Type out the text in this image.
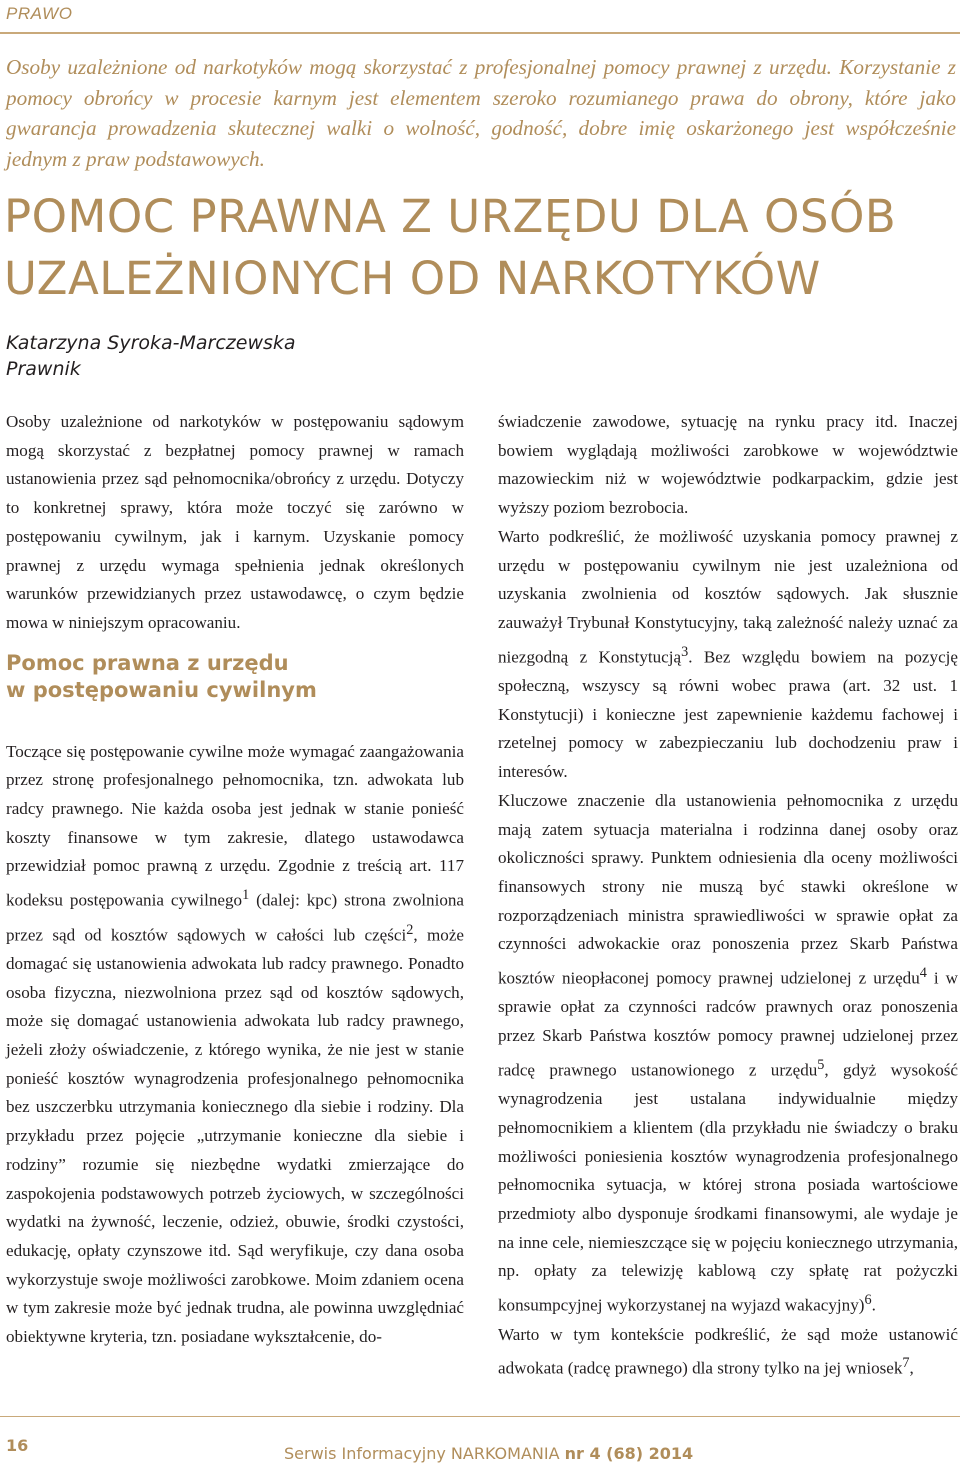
PRAWO

Osoby uzależnione od narkotyków mogą skorzystać z profesjonalnej pomocy prawnej z urzędu. Korzystanie z pomocy obrońcy w procesie karnym jest elementem szeroko rozumianego prawa do obrony, które jako gwarancja prowadzenia skutecznej walki o wolność, godność, dobre imię oskarżonego jest współcześnie jednym z praw podstawowych.

POMOC PRAWNA Z URZĘDU DLA OSÓB
UZALEŻNIONYCH OD NARKOTYKÓW
Katarzyna Syroka-Marczewska
Prawnik

Osoby uzależnione od narkotyków w postępowaniu sądowym mogą skorzystać z bezpłatnej pomocy prawnej w ramach ustanowienia przez sąd pełnomocnika/obrońcy z urzędu. Dotyczy to konkretnej sprawy, która może toczyć się zarówno w postępowaniu cywilnym, jak i karnym. Uzyskanie pomocy prawnej z urzędu wymaga spełnienia jednak określonych warunków przewidzianych przez ustawodawcę, o czym będzie mowa w niniejszym opracowaniu.

Pomoc prawna z urzędu
w postępowaniu cywilnym

Toczące się postępowanie cywilne może wymagać zaangażowania przez stronę profesjonalnego pełnomocnika, tzn. adwokata lub radcy prawnego. Nie każda osoba jest jednak w stanie ponieść koszty finansowe w tym zakresie, dlatego ustawodawca przewidział pomoc prawną z urzędu. Zgodnie z treścią art. 117 kodeksu postępowania cywilnego$^1$ (dalej: kpc) strona zwolniona przez sąd od kosztów sądowych w całości lub części$^2$, może domagać się ustanowienia adwokata lub radcy prawnego. Ponadto osoba fizyczna, niezwolniona przez sąd od kosztów sądowych, może się domagać ustanowienia adwokata lub radcy prawnego, jeżeli złoży oświadczenie, z którego wynika, że nie jest w stanie ponieść kosztów wynagrodzenia profesjonalnego pełnomocnika bez uszczerbku utrzymania koniecznego dla siebie i rodziny. Dla przykładu przez pojęcie „utrzymanie konieczne dla siebie i rodziny” rozumie się niezbędne wydatki zmierzające do zaspokojenia podstawowych potrzeb życiowych, w szczególności wydatki na żywność, leczenie, odzież, obuwie, środki czystości, edukację, opłaty czynszowe itd. Sąd weryfikuje, czy dana osoba wykorzystuje swoje możliwości zarobkowe. Moim zdaniem ocena w tym zakresie może być jednak trudna, ale powinna uwzględniać obiektywne kryteria, tzn. posiadane wykształcenie, do-

świadczenie zawodowe, sytuację na rynku pracy itd. Inaczej bowiem wyglądają możliwości zarobkowe w województwie mazowieckim niż w województwie podkarpackim, gdzie jest wyższy poziom bezrobocia.

Warto podkreślić, że możliwość uzyskania pomocy prawnej z urzędu w postępowaniu cywilnym nie jest uzależniona od uzyskania zwolnienia od kosztów sądowych. Jak słusznie zauważył Trybunał Konstytucyjny, taką zależność należy uznać za niezgodną z Konstytucją$^3$. Bez względu bowiem na pozycję społeczną, wszyscy są równi wobec prawa (art. 32 ust. 1 Konstytucji) i konieczne jest zapewnienie każdemu fachowej i rzetelnej pomocy w zabezpieczaniu lub dochodzeniu praw i interesów.

Kluczowe znaczenie dla ustanowienia pełnomocnika z urzędu mają zatem sytuacja materialna i rodzinna danej osoby oraz okoliczności sprawy. Punktem odniesienia dla oceny możliwości finansowych strony nie muszą być stawki określone w rozporządzeniach ministra sprawiedliwości w sprawie opłat za czynności adwokackie oraz ponoszenia przez Skarb Państwa kosztów nieopłaconej pomocy prawnej udzielonej z urzędu$^4$ i w sprawie opłat za czynności radców prawnych oraz ponoszenia przez Skarb Państwa kosztów pomocy prawnej udzielonej przez radcę prawnego ustanowionego z urzędu$^5$, gdyż wysokość wynagrodzenia jest ustalana indywidualnie między pełnomocnikiem a klientem (dla przykładu nie świadczy o braku możliwości poniesienia kosztów wynagrodzenia profesjonalnego pełnomocnika sytuacja, w której strona posiada wartościowe przedmioty albo dysponuje środkami finansowymi, ale wydaje je na inne cele, niemieszczące się w pojęciu koniecznego utrzymania, np. opłaty za telewizję kablową czy spłatę rat pożyczki konsumpcyjnej wykorzystanej na wyjazd wakacyjny)$^6$.

Warto w tym kontekście podkreślić, że sąd może ustanowić adwokata (radcę prawnego) dla strony tylko na jej wniosek$^7$,

16	Serwis Informacyjny NARKOMANIA nr 4 (68) 2014
